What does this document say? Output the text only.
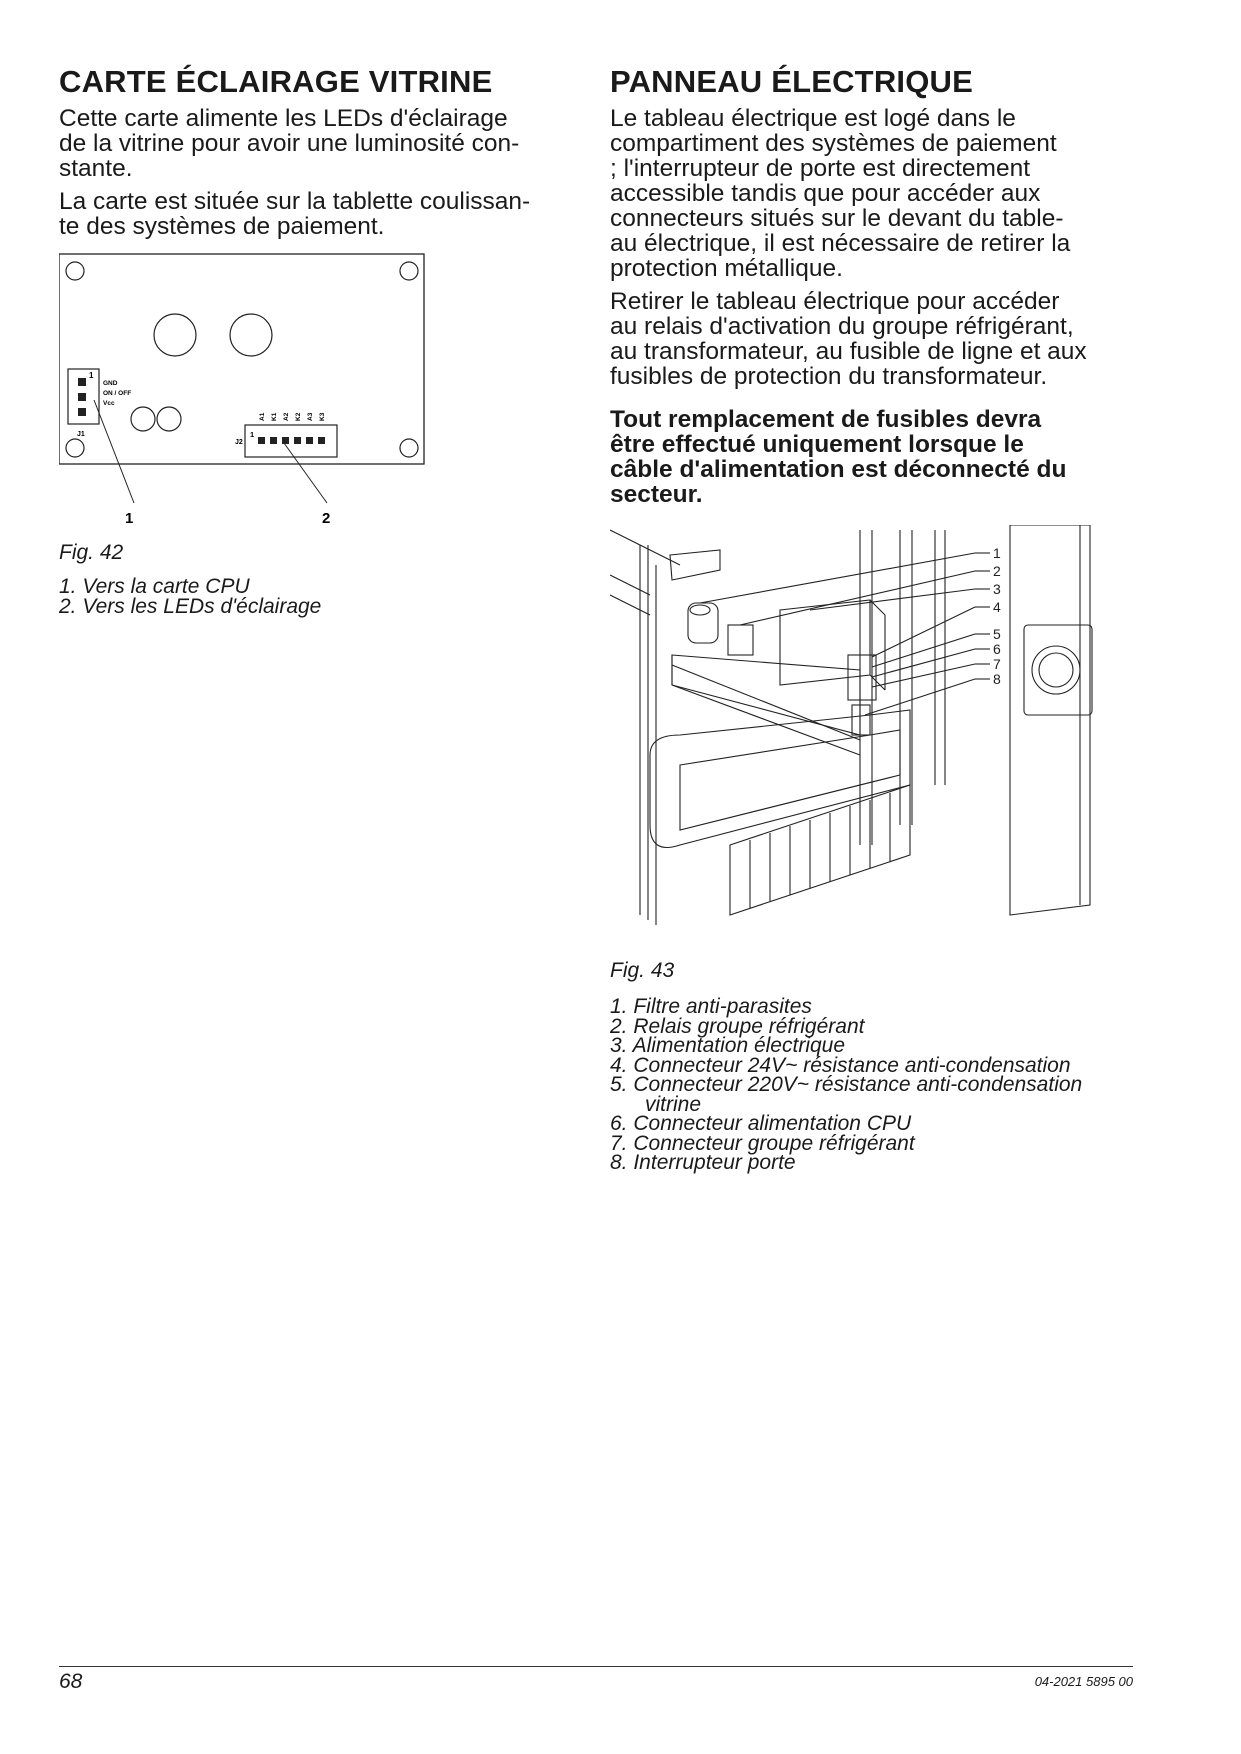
CARTE ÉCLAIRAGE VITRINE

Cette carte alimente les LEDs d'éclairage
de la vitrine pour avoir une luminosité con-
stante.

La carte est située sur la tablette coulissan-
te des systèmes de paiement.

1
GND
ON / OFF
Vcc
J1
J2
1
A1 K1 A2 K2 A3 K3
1	2

Fig. 42

1. Vers la carte CPU
2. Vers les LEDs d'éclairage
PANNEAU ÉLECTRIQUE

Le tableau électrique est logé dans le
compartiment des systèmes de paiement
; l'interrupteur de porte est directement
accessible tandis que pour accéder aux
connecteurs situés sur le devant du table-
au électrique, il est nécessaire de retirer la
protection métallique.

Retirer le tableau électrique pour accéder
au relais d'activation du groupe réfrigérant,
au transformateur, au fusible de ligne et aux
fusibles de protection du transformateur.

Tout remplacement de fusibles devra
être effectué uniquement lorsque le
câble d'alimentation est déconnecté du
secteur.

1
2
3
4
5
6
7
8

Fig. 43

1. Filtre anti-parasites
2. Relais groupe réfrigérant
3. Alimentation électrique
4. Connecteur 24V~ résistance anti-condensation
5. Connecteur 220V~ résistance anti-condensation
vitrine
6. Connecteur alimentation CPU
7. Connecteur groupe réfrigérant
8. Interrupteur porte
68	04-2021 5895 00
